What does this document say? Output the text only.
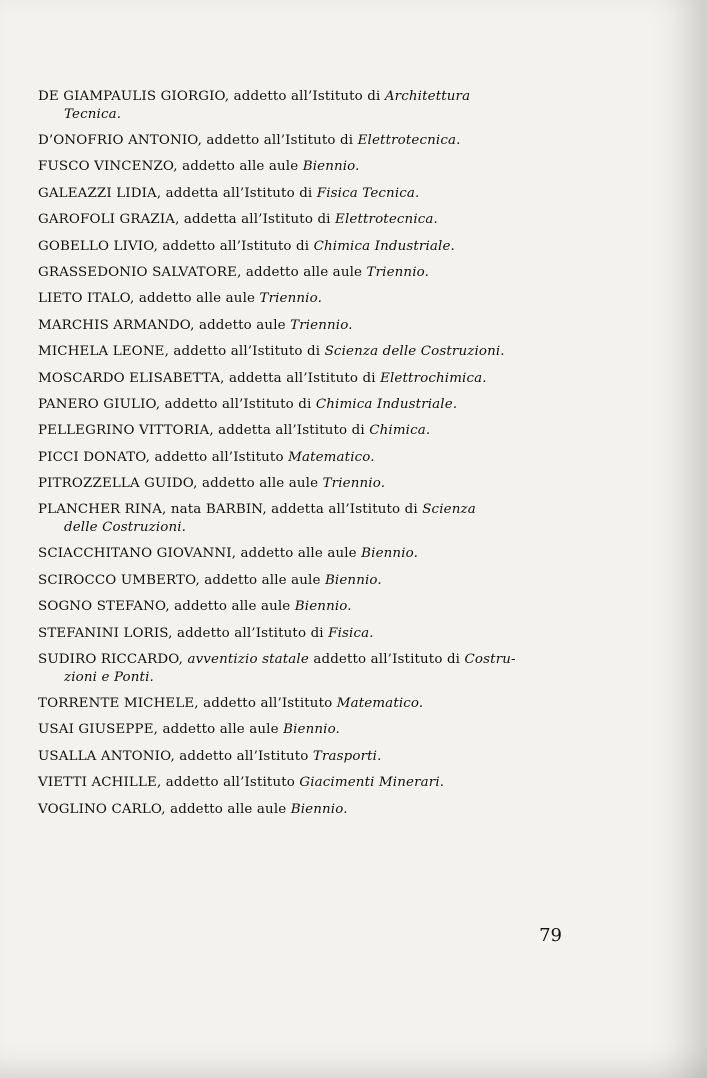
DE GIAMPAULIS GIORGIO, addetto all’Istituto di Architettura
Tecnica.

D’ONOFRIO ANTONIO, addetto all’Istituto di Elettrotecnica.

FUSCO VINCENZO, addetto alle aule Biennio.

GALEAZZI LIDIA, addetta all’Istituto di Fisica Tecnica.

GAROFOLI GRAZIA, addetta all’Istituto di Elettrotecnica.

GOBELLO LIVIO, addetto all’Istituto di Chimica Industriale.

GRASSEDONIO SALVATORE, addetto alle aule Triennio.

LIETO ITALO, addetto alle aule Triennio.

MARCHIS ARMANDO, addetto aule Triennio.

MICHELA LEONE, addetto all’Istituto di Scienza delle Costruzioni.

MOSCARDO ELISABETTA, addetta all’Istituto di Elettrochimica.

PANERO GIULIO, addetto all’Istituto di Chimica Industriale.

PELLEGRINO VITTORIA, addetta all’Istituto di Chimica.

PICCI DONATO, addetto all’Istituto Matematico.

PITROZZELLA GUIDO, addetto alle aule Triennio.

PLANCHER RINA, nata BARBIN, addetta all’Istituto di Scienza
delle Costruzioni.

SCIACCHITANO GIOVANNI, addetto alle aule Biennio.

SCIROCCO UMBERTO, addetto alle aule Biennio.

SOGNO STEFANO, addetto alle aule Biennio.

STEFANINI LORIS, addetto all’Istituto di Fisica.

SUDIRO RICCARDO, avventizio statale addetto all’Istituto di Costru-
zioni e Ponti.

TORRENTE MICHELE, addetto all’Istituto Matematico.

USAI GIUSEPPE, addetto alle aule Biennio.

USALLA ANTONIO, addetto all’Istituto Trasporti.

VIETTI ACHILLE, addetto all’Istituto Giacimenti Minerari.

VOGLINO CARLO, addetto alle aule Biennio.

79
